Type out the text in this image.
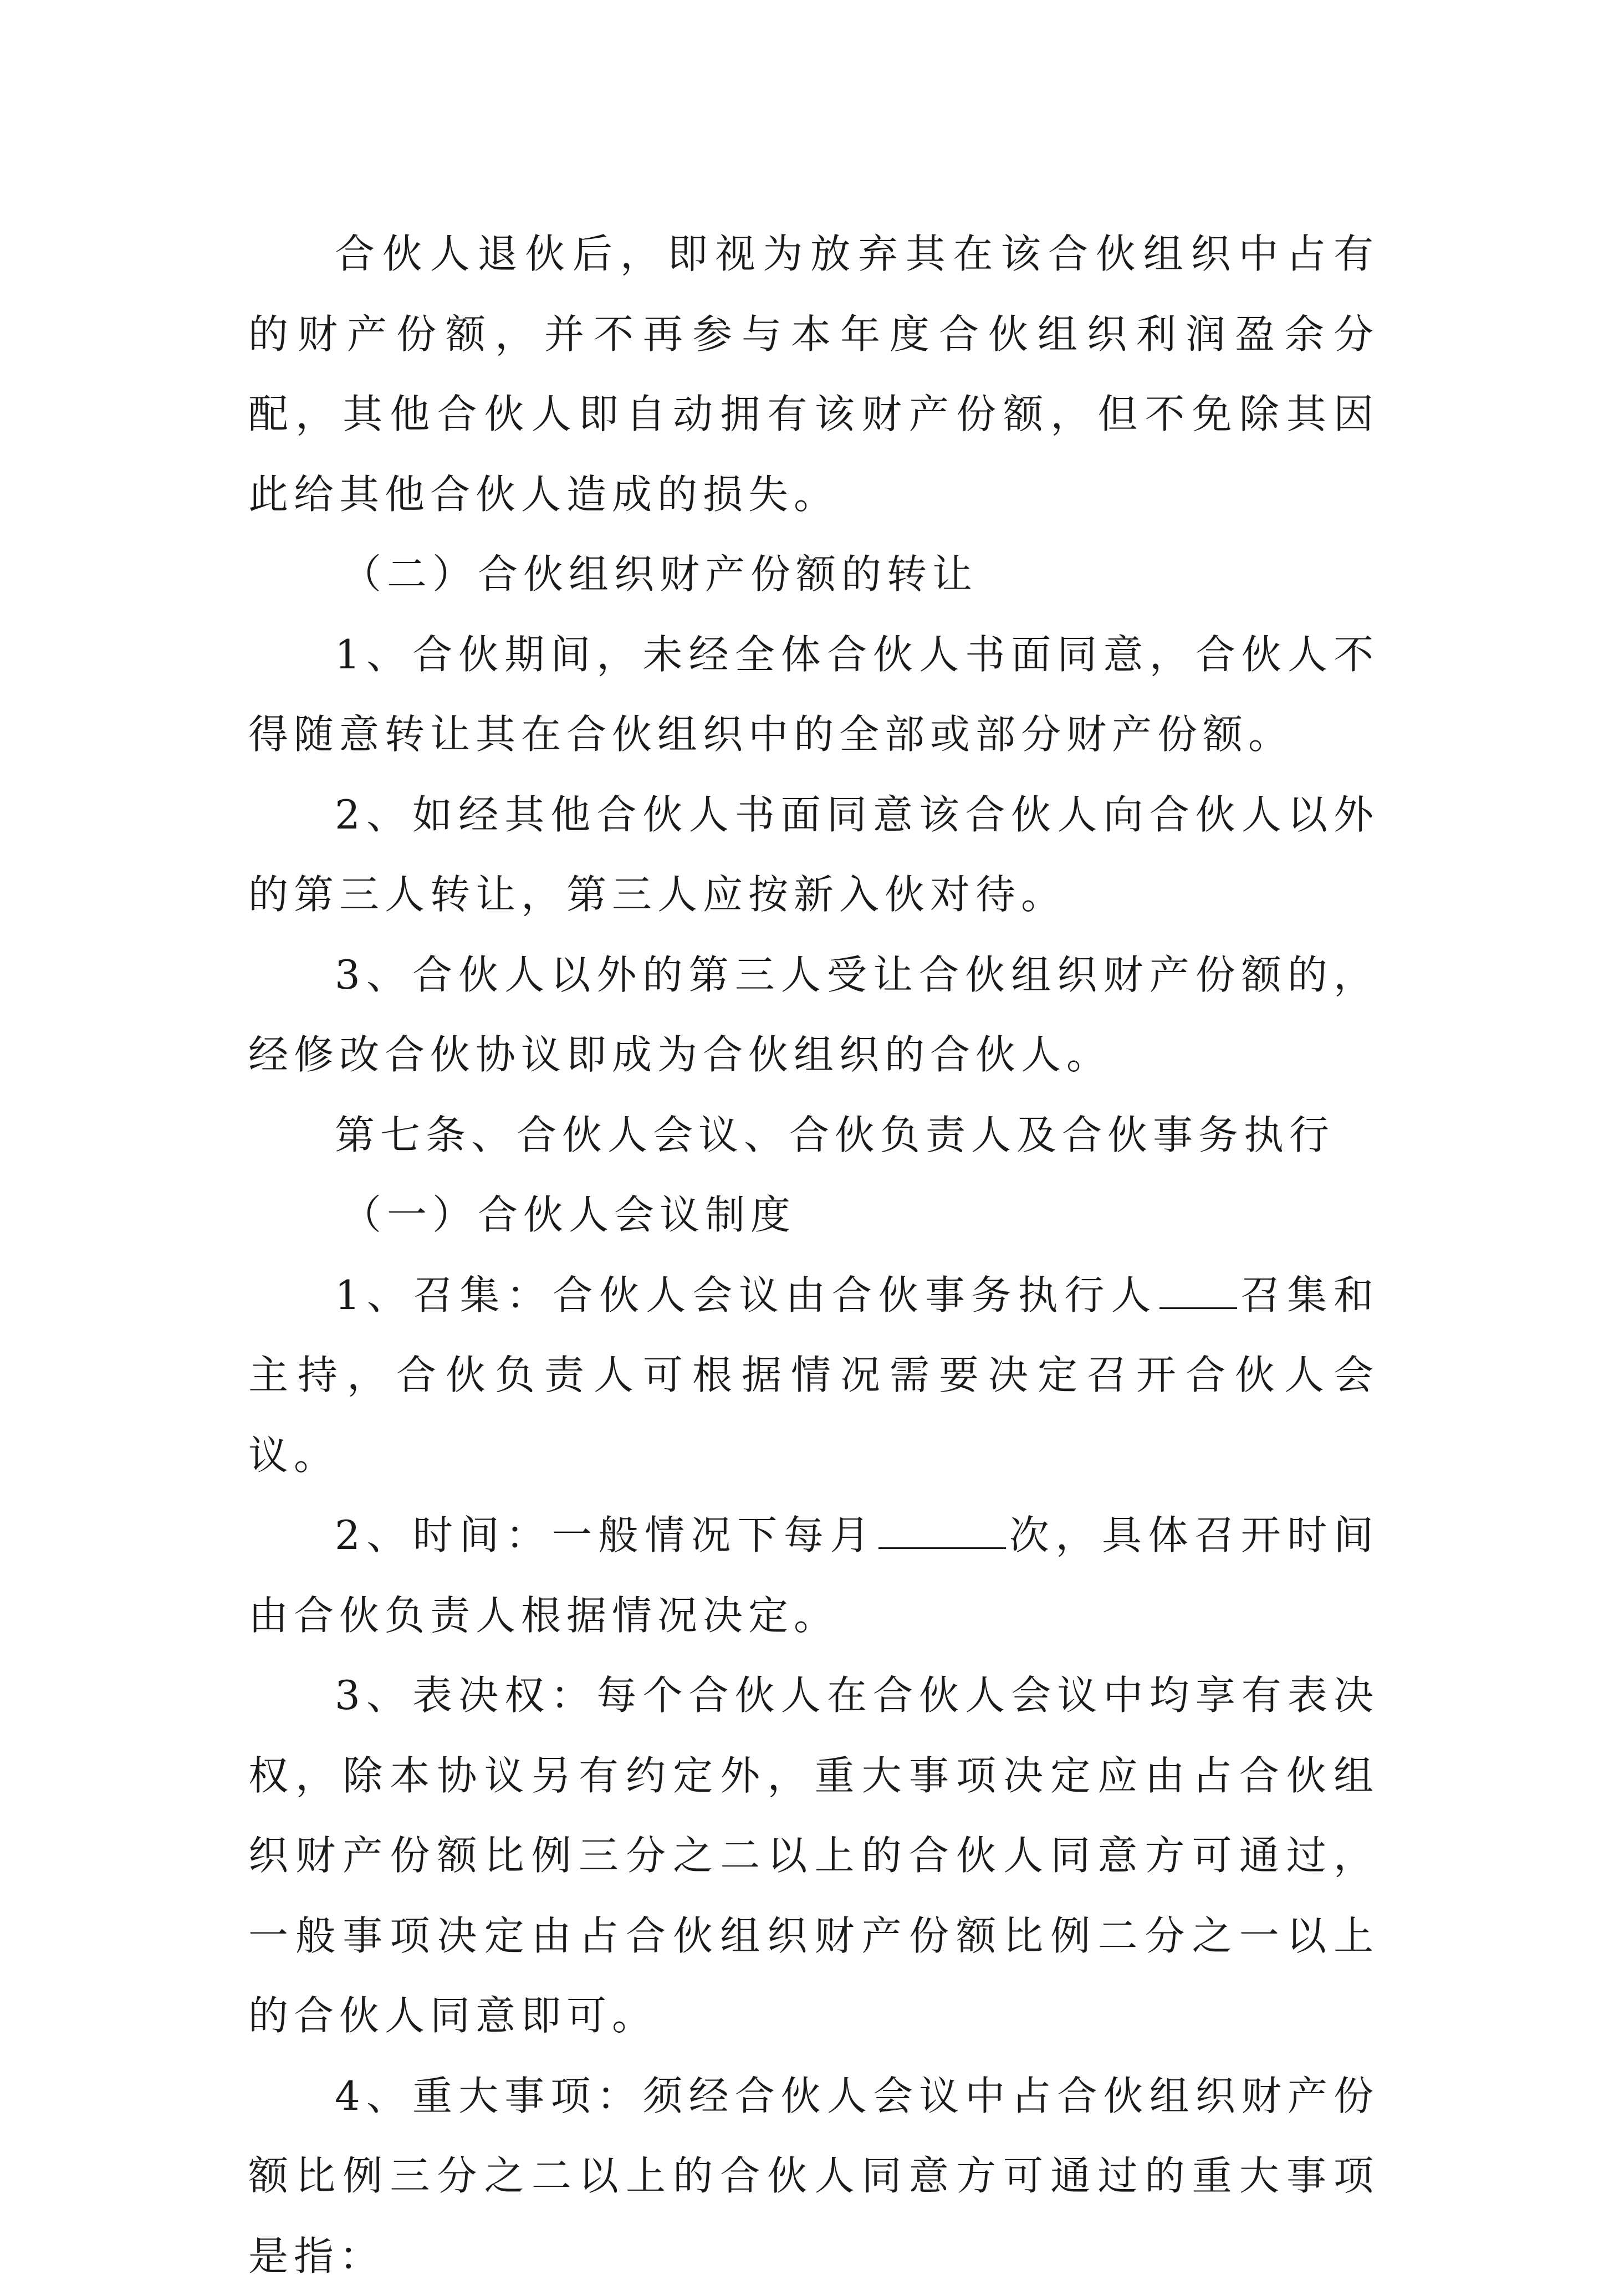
合伙人退伙后，即视为放弃其在该合伙组织中占有的财产份额，并不再参与本年度合伙组织利润盈余分配，其他合伙人即自动拥有该财产份额，但不免除其因此给其他合伙人造成的损失。

（二）合伙组织财产份额的转让

1、合伙期间，未经全体合伙人书面同意，合伙人不得随意转让其在合伙组织中的全部或部分财产份额。

2、如经其他合伙人书面同意该合伙人向合伙人以外的第三人转让，第三人应按新入伙对待。

3、合伙人以外的第三人受让合伙组织财产份额的，经修改合伙协议即成为合伙组织的合伙人。

第七条、合伙人会议、合伙负责人及合伙事务执行

（一）合伙人会议制度

1、召集：合伙人会议由合伙事务执行人 召集和主持，合伙负责人可根据情况需要决定召开合伙人会议。

2、时间：一般情况下每月	次，具体召开时间由合伙负责人根据情况决定。

3、表决权：每个合伙人在合伙人会议中均享有表决权，除本协议另有约定外，重大事项决定应由占合伙组织财产份额比例三分之二以上的合伙人同意方可通过，一般事项决定由占合伙组织财产份额比例二分之一以上的合伙人同意即可。

4、重大事项：须经合伙人会议中占合伙组织财产份额比例三分之二以上的合伙人同意方可通过的重大事项是指：
